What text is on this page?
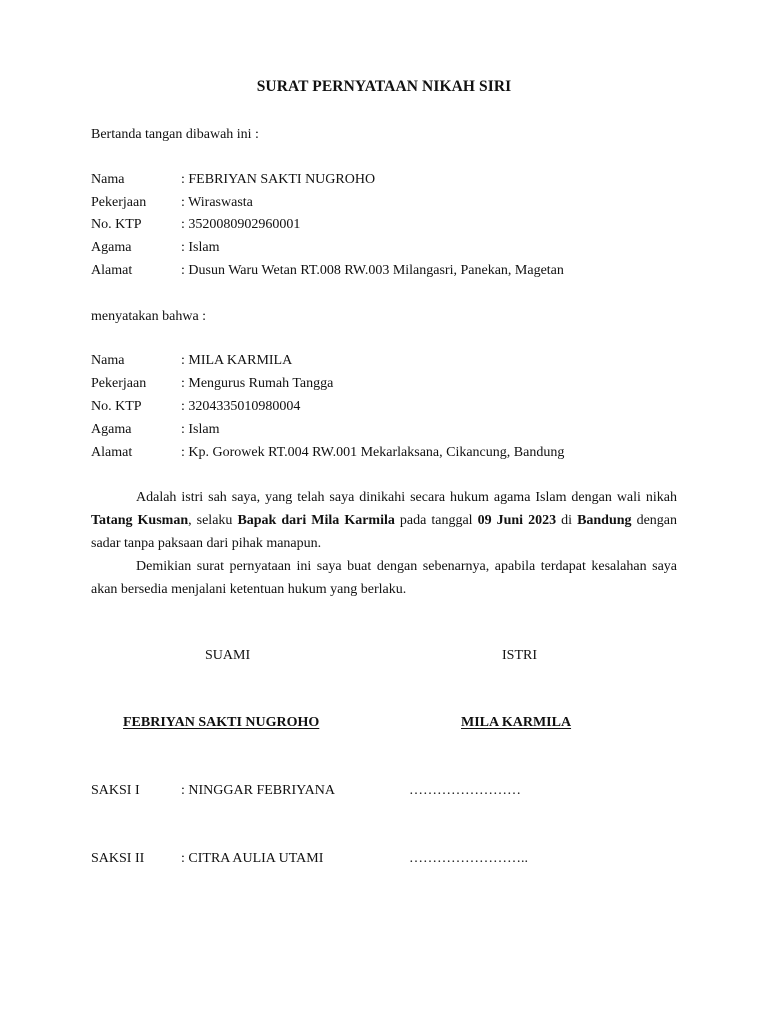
SURAT PERNYATAAN NIKAH SIRI
Bertanda tangan dibawah ini :
Nama	: FEBRIYAN SAKTI NUGROHO
Pekerjaan : Wiraswasta
No. KTP	: 3520080902960001
Agama	: Islam
Alamat	: Dusun Waru Wetan RT.008 RW.003 Milangasri, Panekan, Magetan
menyatakan bahwa :
Nama	: MILA KARMILA
Pekerjaan : Mengurus Rumah Tangga
No. KTP	: 3204335010980004
Agama	: Islam
Alamat	: Kp. Gorowek RT.004 RW.001 Mekarlaksana, Cikancung, Bandung

Adalah istri sah saya, yang telah saya dinikahi secara hukum agama Islam dengan wali nikah Tatang Kusman, selaku Bapak dari Mila Karmila pada tanggal 09 Juni 2023 di Bandung dengan sadar tanpa paksaan dari pihak manapun.

Demikian surat pernyataan ini saya buat dengan sebenarnya, apabila terdapat kesalahan saya akan bersedia menjalani ketentuan hukum yang berlaku.

SUAMI	ISTRI
FEBRIYAN SAKTI NUGROHO	MILA KARMILA
SAKSI I	: NINGGAR FEBRIYANA	……………………
SAKSI II	: CITRA AULIA UTAMI	……………………..
